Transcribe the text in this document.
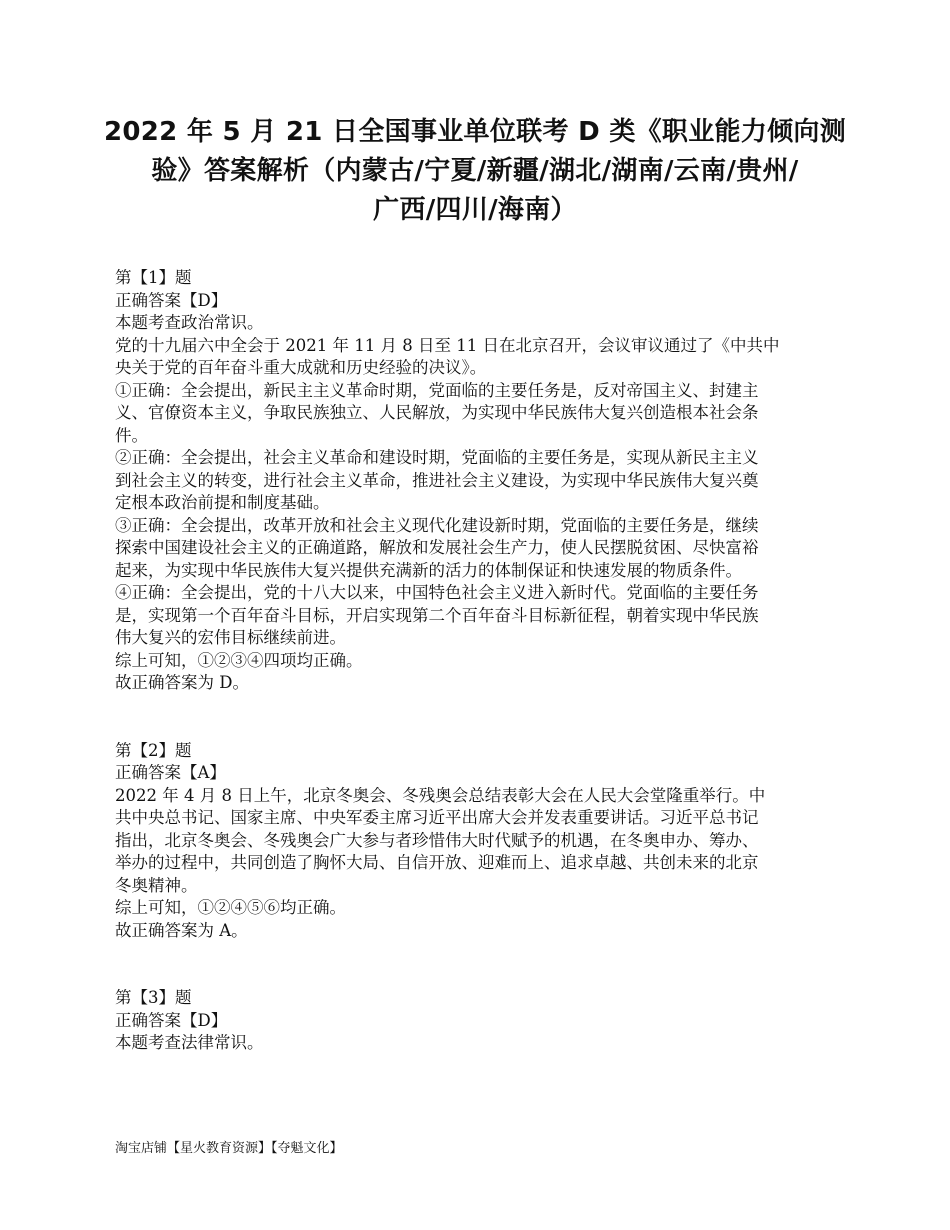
2022 年 5 月 21 日全国事业单位联考 D 类《职业能力倾向测
验》答案解析（内蒙古/宁夏/新疆/湖北/湖南/云南/贵州/
广西/四川/海南）
第【1】题
正确答案【D】
本题考查政治常识。
党的十九届六中全会于 2021 年 11 月 8 日至 11 日在北京召开，会议审议通过了《中共中
央关于党的百年奋斗重大成就和历史经验的决议》。
①正确：全会提出，新民主主义革命时期，党面临的主要任务是，反对帝国主义、封建主
义、官僚资本主义，争取民族独立、人民解放，为实现中华民族伟大复兴创造根本社会条
件。
②正确：全会提出，社会主义革命和建设时期，党面临的主要任务是，实现从新民主主义
到社会主义的转变，进行社会主义革命，推进社会主义建设，为实现中华民族伟大复兴奠
定根本政治前提和制度基础。
③正确：全会提出，改革开放和社会主义现代化建设新时期，党面临的主要任务是，继续
探索中国建设社会主义的正确道路，解放和发展社会生产力，使人民摆脱贫困、尽快富裕
起来，为实现中华民族伟大复兴提供充满新的活力的体制保证和快速发展的物质条件。
④正确：全会提出，党的十八大以来，中国特色社会主义进入新时代。党面临的主要任务
是，实现第一个百年奋斗目标，开启实现第二个百年奋斗目标新征程，朝着实现中华民族
伟大复兴的宏伟目标继续前进。
综上可知，①②③④四项均正确。
故正确答案为 D。
第【2】题
正确答案【A】
2022 年 4 月 8 日上午，北京冬奥会、冬残奥会总结表彰大会在人民大会堂隆重举行。中
共中央总书记、国家主席、中央军委主席习近平出席大会并发表重要讲话。习近平总书记
指出，北京冬奥会、冬残奥会广大参与者珍惜伟大时代赋予的机遇，在冬奥申办、筹办、
举办的过程中，共同创造了胸怀大局、自信开放、迎难而上、追求卓越、共创未来的北京
冬奥精神。
综上可知，①②④⑤⑥均正确。
故正确答案为 A。
第【3】题
正确答案【D】
本题考查法律常识。
淘宝店铺【星火教育资源】【夺魁文化】
